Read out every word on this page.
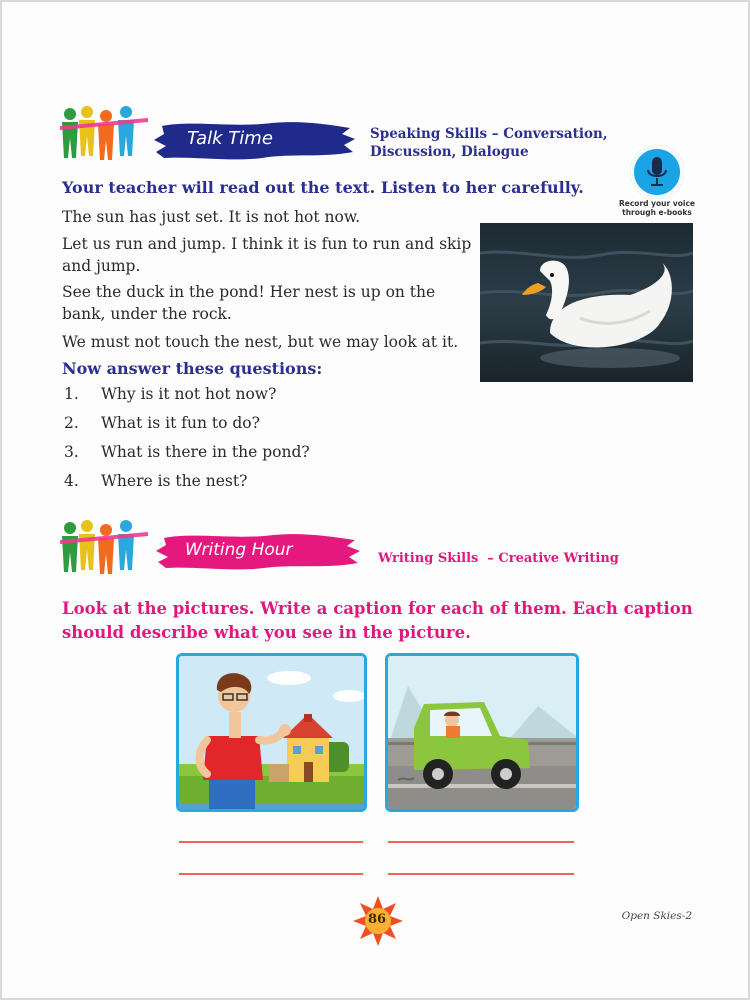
Talk Time	Speaking Skills – Conversation,
Discussion, Dialogue
Record your voice
through e-books
Your teacher will read out the text. Listen to her carefully.
The sun has just set. It is not hot now.
Let us run and jump. I think it is fun to run and skip and jump.
See the duck in the pond! Her nest is up on the bank, under the rock.
We must not touch the nest, but we may look at it.
Now answer these questions:
1. Why is it not hot now?
2. What is it fun to do?
3. What is there in the pond?
4. Where is the nest?
Writing Hour	Writing Skills  – Creative Writing
Look at the pictures. Write a caption for each of them. Each caption
should describe what you see in the picture.
86	Open Skies-2
